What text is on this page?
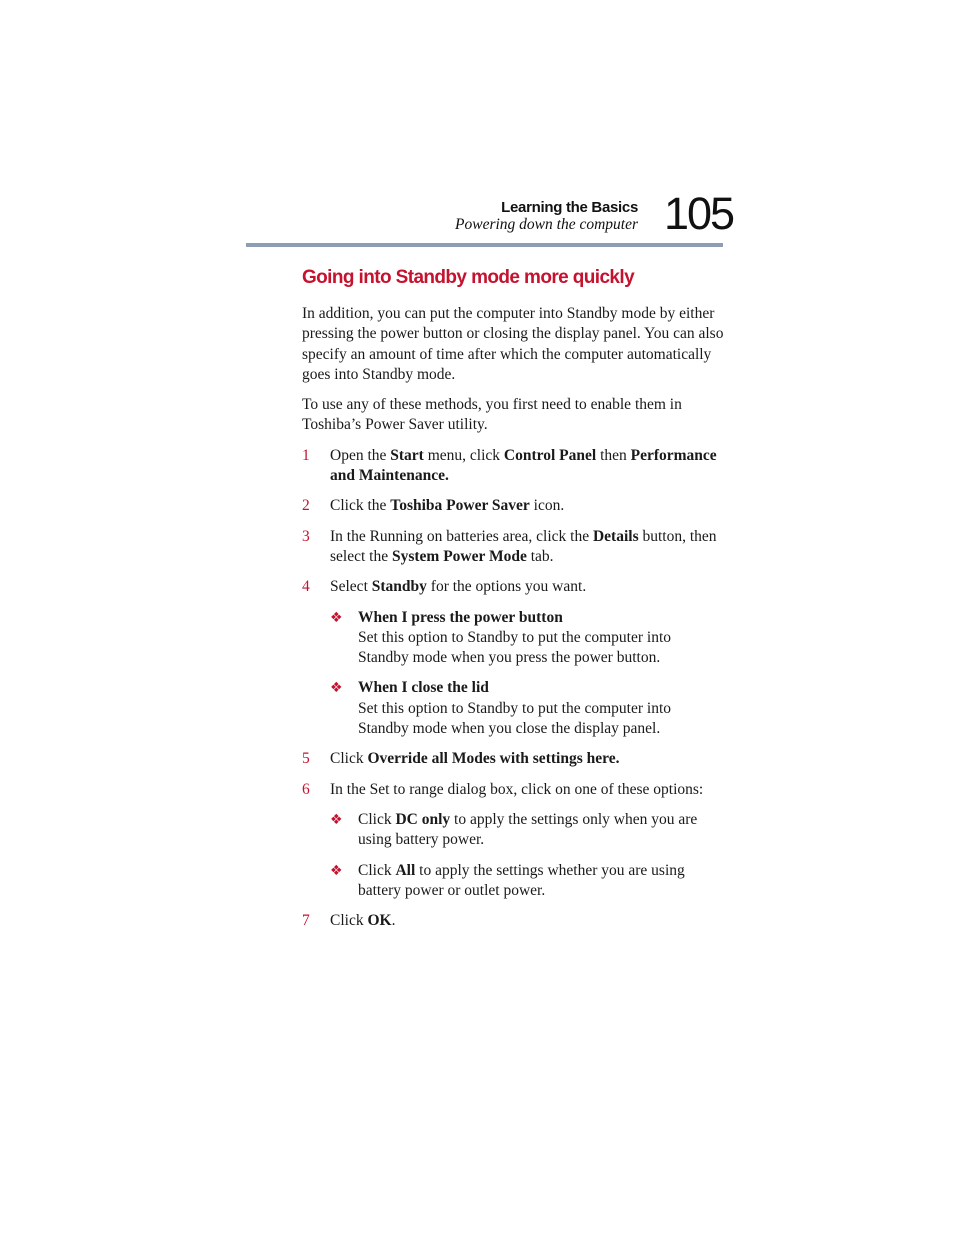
Learning the Basics
Powering down the computer 105
Going into Standby mode more quickly

In addition, you can put the computer into Standby mode by either pressing the power button or closing the display panel. You can also specify an amount of time after which the computer automatically goes into Standby mode.

To use any of these methods, you first need to enable them in Toshiba’s Power Saver utility.

1 Open the Start menu, click Control Panel then Performance and Maintenance.
2 Click the Toshiba Power Saver icon.
3 In the Running on batteries area, click the Details button, then select the System Power Mode tab.
4 Select Standby for the options you want.
❖ When I press the power button
Set this option to Standby to put the computer into Standby mode when you press the power button.
❖ When I close the lid
Set this option to Standby to put the computer into Standby mode when you close the display panel.
5 Click Override all Modes with settings here.
6 In the Set to range dialog box, click on one of these options:
❖ Click DC only to apply the settings only when you are using battery power.
❖ Click All to apply the settings whether you are using battery power or outlet power.
7 Click OK.
